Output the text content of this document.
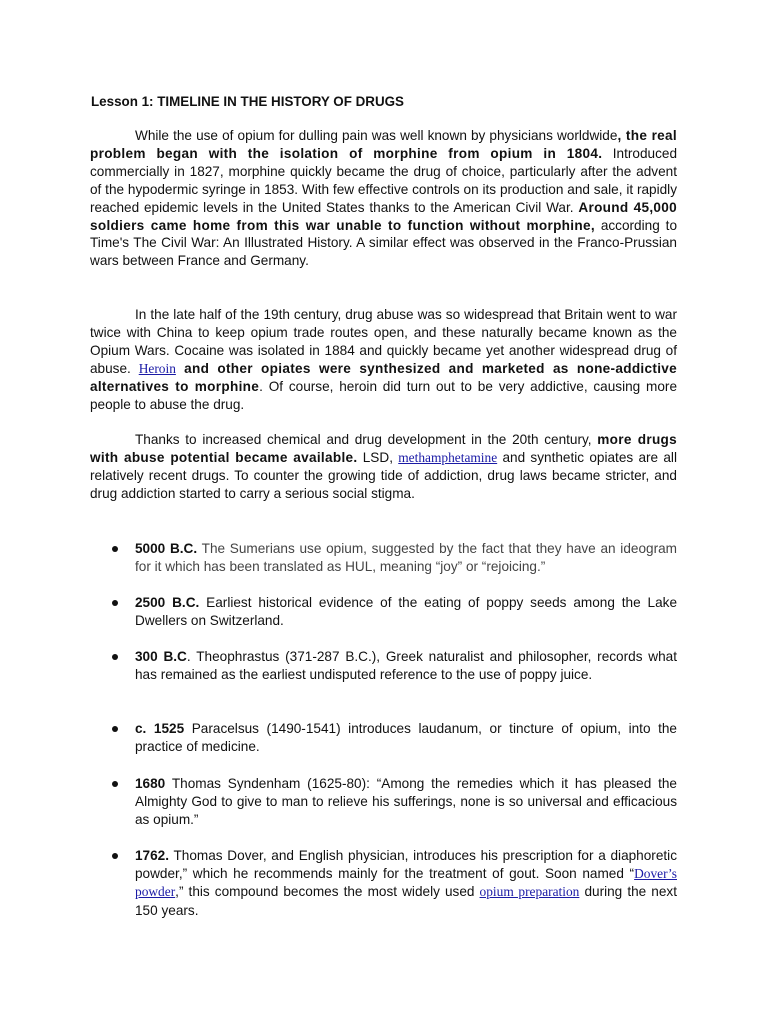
Lesson 1: TIMELINE IN THE HISTORY OF DRUGS

While the use of opium for dulling pain was well known by physicians worldwide, the real problem began with the isolation of morphine from opium in 1804. Introduced commercially in 1827, morphine quickly became the drug of choice, particularly after the advent of the hypodermic syringe in 1853. With few effective controls on its production and sale, it rapidly reached epidemic levels in the United States thanks to the American Civil War. Around 45,000 soldiers came home from this war unable to function without morphine, according to Time's The Civil War: An Illustrated History. A similar effect was observed in the Franco-Prussian wars between France and Germany.

In the late half of the 19th century, drug abuse was so widespread that Britain went to war twice with China to keep opium trade routes open, and these naturally became known as the Opium Wars. Cocaine was isolated in 1884 and quickly became yet another widespread drug of abuse. Heroin and other opiates were synthesized and marketed as none-addictive alternatives to morphine. Of course, heroin did turn out to be very addictive, causing more people to abuse the drug.

Thanks to increased chemical and drug development in the 20th century, more drugs with abuse potential became available. LSD, methamphetamine and synthetic opiates are all relatively recent drugs. To counter the growing tide of addiction, drug laws became stricter, and drug addiction started to carry a serious social stigma.

5000 B.C. The Sumerians use opium, suggested by the fact that they have an ideogram for it which has been translated as HUL, meaning “joy” or “rejoicing.”
2500 B.C. Earliest historical evidence of the eating of poppy seeds among the Lake Dwellers on Switzerland.
300 B.C. Theophrastus (371-287 B.C.), Greek naturalist and philosopher, records what has remained as the earliest undisputed reference to the use of poppy juice.
c. 1525 Paracelsus (1490-1541) introduces laudanum, or tincture of opium, into the practice of medicine.
1680 Thomas Syndenham (1625-80): “Among the remedies which it has pleased the Almighty God to give to man to relieve his sufferings, none is so universal and efficacious as opium.”
1762. Thomas Dover, and English physician, introduces his prescription for a diaphoretic powder,” which he recommends mainly for the treatment of gout. Soon named “Dover’s powder,” this compound becomes the most widely used opium preparation during the next 150 years.
